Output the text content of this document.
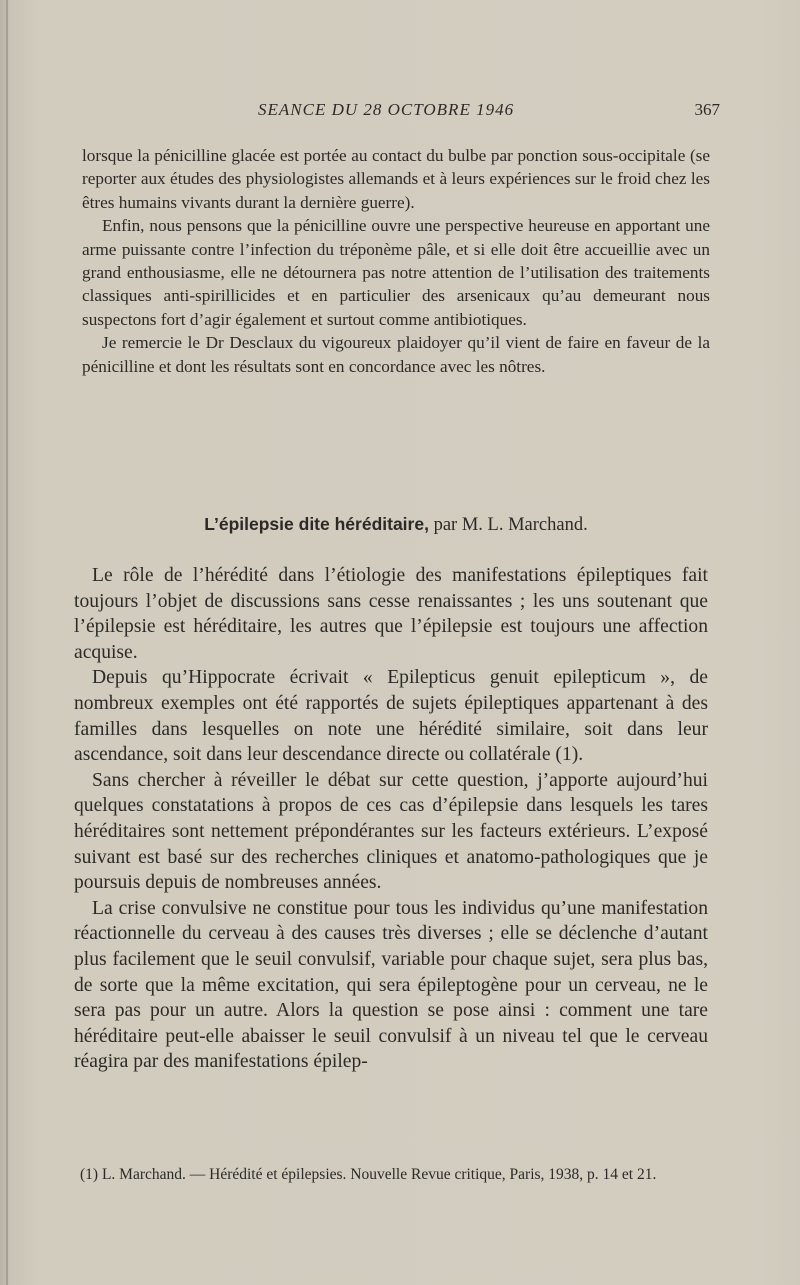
SEANCE DU 28 OCTOBRE 1946	367

lorsque la pénicilline glacée est portée au contact du bulbe par ponction sous-occipitale (se reporter aux études des physiologistes allemands et à leurs expériences sur le froid chez les êtres humains vivants durant la dernière guerre).

Enfin, nous pensons que la pénicilline ouvre une perspective heureuse en apportant une arme puissante contre l’infection du tréponème pâle, et si elle doit être accueillie avec un grand enthousiasme, elle ne détournera pas notre attention de l’utilisation des traitements classiques anti-spirillicides et en particulier des arsenicaux qu’au demeurant nous suspectons fort d’agir également et surtout comme antibiotiques.

Je remercie le Dr Desclaux du vigoureux plaidoyer qu’il vient de faire en faveur de la pénicilline et dont les résultats sont en concordance avec les nôtres.

L’épilepsie dite héréditaire, par M. L. Marchand.

Le rôle de l’hérédité dans l’étiologie des manifestations épileptiques fait toujours l’objet de discussions sans cesse renaissantes ; les uns soutenant que l’épilepsie est héréditaire, les autres que l’épilepsie est toujours une affection acquise.

Depuis qu’Hippocrate écrivait « Epilepticus genuit epilepticum », de nombreux exemples ont été rapportés de sujets épileptiques appartenant à des familles dans lesquelles on note une hérédité similaire, soit dans leur ascendance, soit dans leur descendance directe ou collatérale (1).

Sans chercher à réveiller le débat sur cette question, j’apporte aujourd’hui quelques constatations à propos de ces cas d’épilepsie dans lesquels les tares héréditaires sont nettement prépondérantes sur les facteurs extérieurs. L’exposé suivant est basé sur des recherches cliniques et anatomo-pathologiques que je poursuis depuis de nombreuses années.

La crise convulsive ne constitue pour tous les individus qu’une manifestation réactionnelle du cerveau à des causes très diverses ; elle se déclenche d’autant plus facilement que le seuil convulsif, variable pour chaque sujet, sera plus bas, de sorte que la même excitation, qui sera épileptogène pour un cerveau, ne le sera pas pour un autre. Alors la question se pose ainsi : comment une tare héréditaire peut-elle abaisser le seuil convulsif à un niveau tel que le cerveau réagira par des manifestations épilep-

(1) L. Marchand. — Hérédité et épilepsies. Nouvelle Revue critique, Paris, 1938, p. 14 et 21.
